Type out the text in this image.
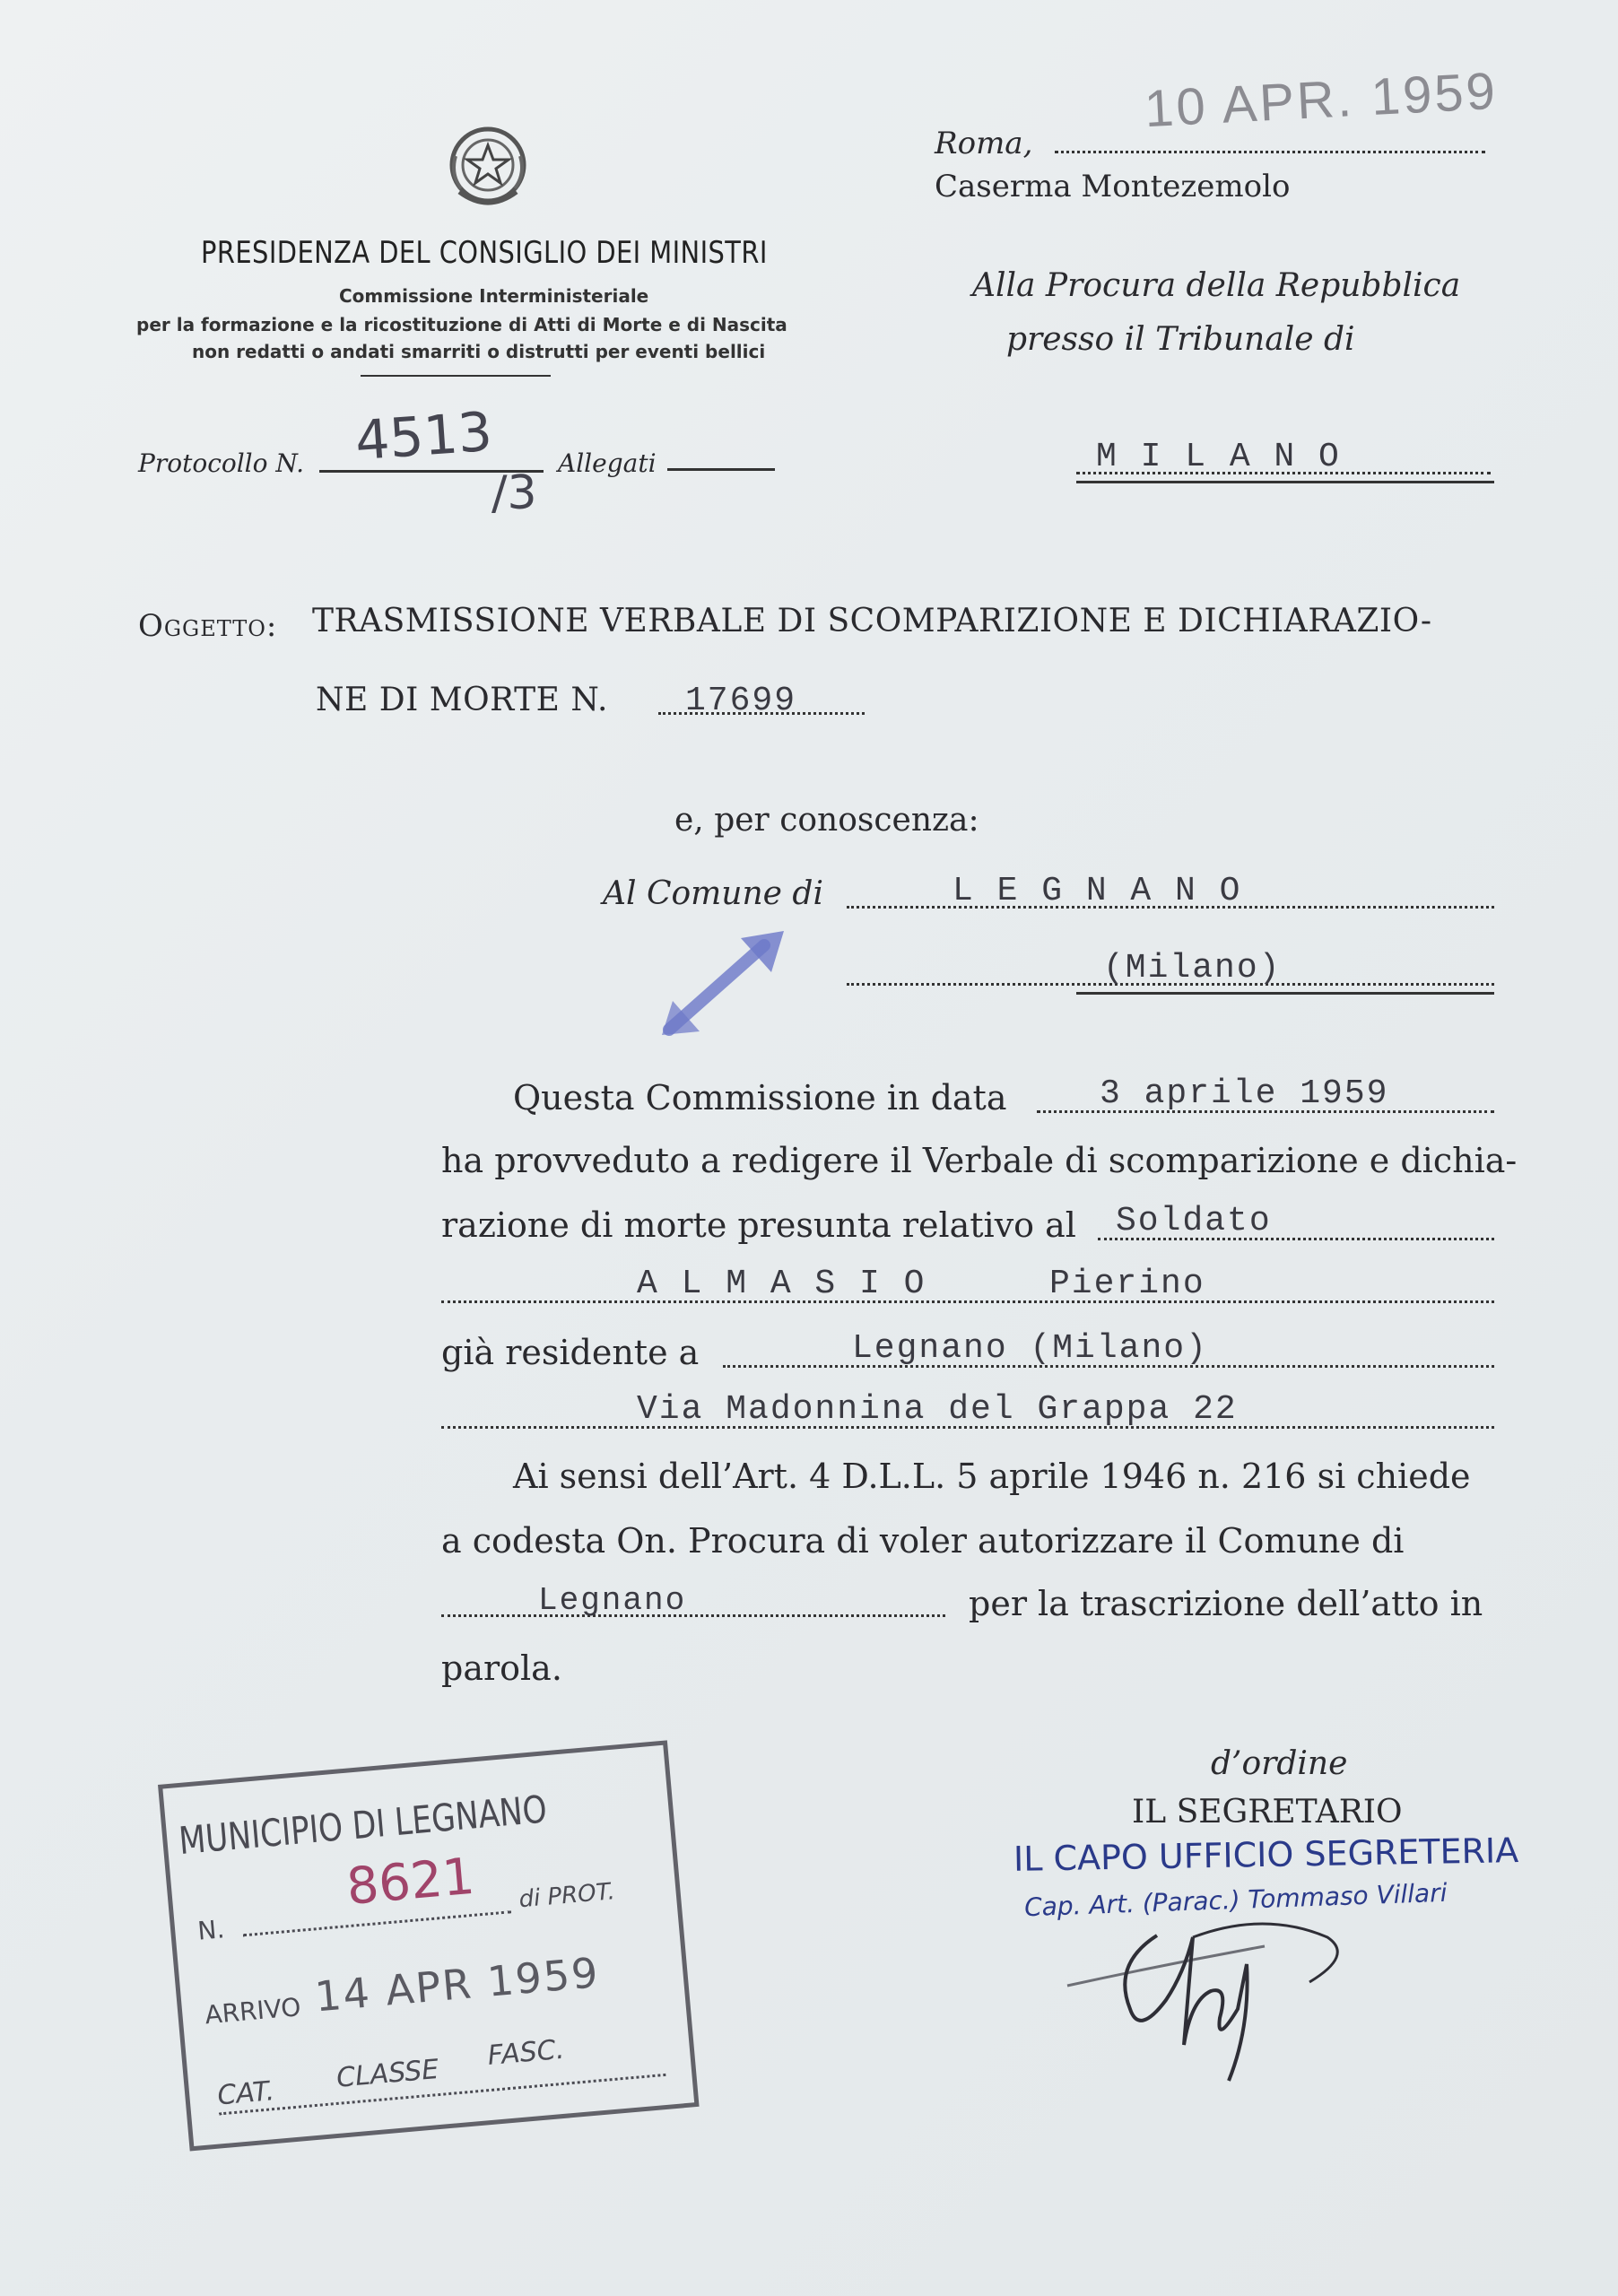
PRESIDENZA DEL CONSIGLIO DEI MINISTRI
Commissione Interministeriale
per la formazione e la ricostituzione di Atti di Morte e di Nascita
non redatti o andati smarriti o distrutti per eventi bellici
Roma,
10 APR. 1959
Caserma Montezemolo
Alla Procura della Repubblica
presso il Tribunale di
M I L A N O
Protocollo N. 4513
/3
Allegati
Oggetto: TRASMISSIONE VERBALE DI SCOMPARIZIONE E DICHIARAZIO-
NE DI MORTE N. 17699
e, per conoscenza:
Al Comune di	L E G N A N O
(Milano)
Questa Commissione in data	3 aprile 1959
ha provveduto a redigere il Verbale di scomparizione e dichia-
razione di morte presunta relativo al Soldato
A L M A S I O	Pierino
già residente a	Legnano (Milano)
Via Madonnina del Grappa 22
Ai sensi dell’Art. 4 D.L.L. 5 aprile 1946 n. 216 si chiede
a codesta On. Procura di voler autorizzare il Comune di
Legnano	per la trascrizione dell’atto in
parola.
d’ordine
IL SEGRETARIO
IL CAPO UFFICIO SEGRETERIA
Cap. Art. (Parac.) Tommaso Villari
MUNICIPIO DI LEGNANO
N.
8621 di PROT.
ARRIVO 14 APR 1959
CAT. CLASSE
FASC.
